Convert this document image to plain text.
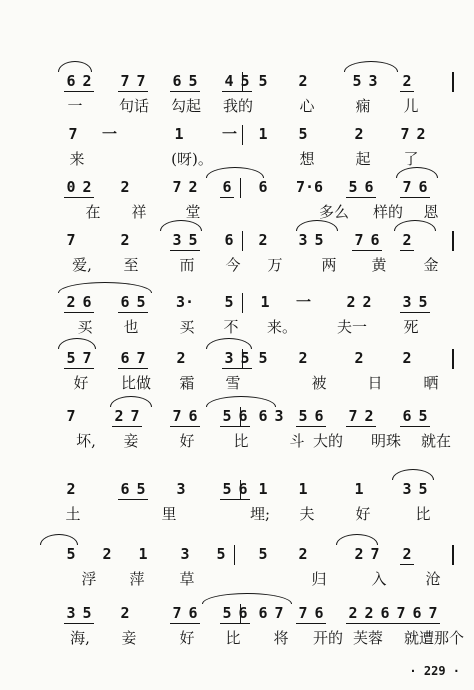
6 2 7 7 6 5 4 5 5 2	5 3 2
一 句话 勾起 我的	心	痫 儿
7 一	1	一 1 5	2 7 2
来	(呀)。	想	起 了
0 2 2	7 2 6 6 7·6 5 6 7 6
在 祥	堂	多么 样的 恩
7	2	3 5 6 2 3 5 7 6 2
爱,	至	而 今 万	两 黄 金
2 6 6 5 3· 5 1 一 2 2 3 5
买 也	买 不 来。	夫一 死
5 7 6 7 2	3 5 5 2	2	2
好 比做 霜 雪	被	日	晒
7	2 7 7 6 5 6 6 3 5 6 7 2 6 5
坏,	妾	好	比	斗 大的 明珠 就在
2	6 5 3 5 6 1 1	1	3 5
土	里	埋;	夫	好	比
5 2 1 3 5 5 2	2 7 2
浮 萍 草	归	入	沧
3 5 2	7 6 5 6 6 7 7 6 2 2 6 7 6 7
海,	妾	好 比 将 开的 芙蓉 就遭那个
· 229 ·
